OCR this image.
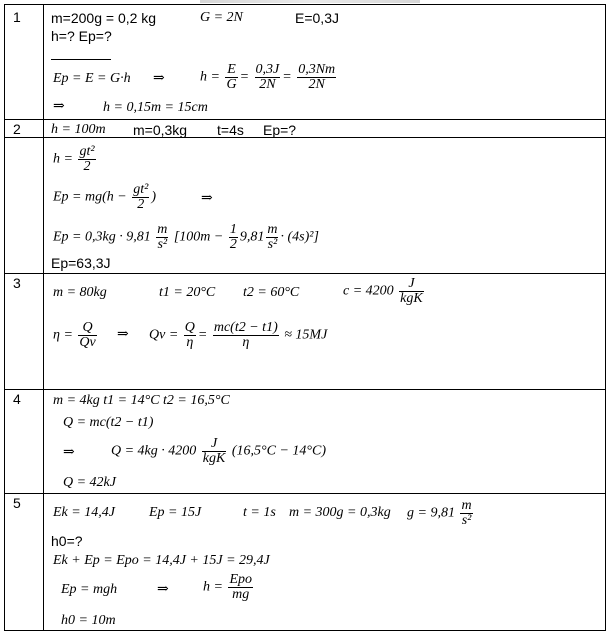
1 m=200g = 0,2 kg	G = 2N	E=0,3J
h=? Ep=?
Ep = E = G·h ⇒	$h = \frac{E}{G} = \frac{0,3J}{2N} = \frac{0,3Nm}{2N}$
⇒	h = 0,15m = 15cm
2 h = 100m m=0,3kg t=4s Ep=?
$h = \frac{\text{gt²}}{2}$
$Ep = mg(h - \frac{\text{gt²}}{2}$ )	⇒
$Ep = 0,3kg \cdot 9,81 \frac{m}{\text{s²}} [100m - \frac{1}{2} 9,81 \frac{m}{\text{s²}} \cdot (4s)^2]$
Ep=63,3J
3
m = 80kg	t1 = 20°C t2 = 60°C	$c = 4200 \frac{J}{\text{kgK}}$
$\eta = \frac{Q}{Qv}$ ⇒ $Qv = \frac{Q}{\eta} = \frac{mc(t2 - t1)}{\eta} \approx 15MJ$
4 m = 4kg t1 = 14°C t2 = 16,5°C
Q = mc(t2 − t1)
⇒	$Q = 4kg \cdot 4200 \frac{J}{\text{kgK}} (16,5^\circ C - 14^\circ C)$
Q = 42kJ
5
Ek = 14,4J Ep = 15J	t = 1s m = 300g = 0,3kg $g = 9,81 \frac{m}{\text{s²}}$
h0=?
Ek + Ep = Epo = 14,4J + 15J = 29,4J
Ep = mgh	⇒ $h = \frac{\text{Epo}}{mg}$
h0 = 10m
